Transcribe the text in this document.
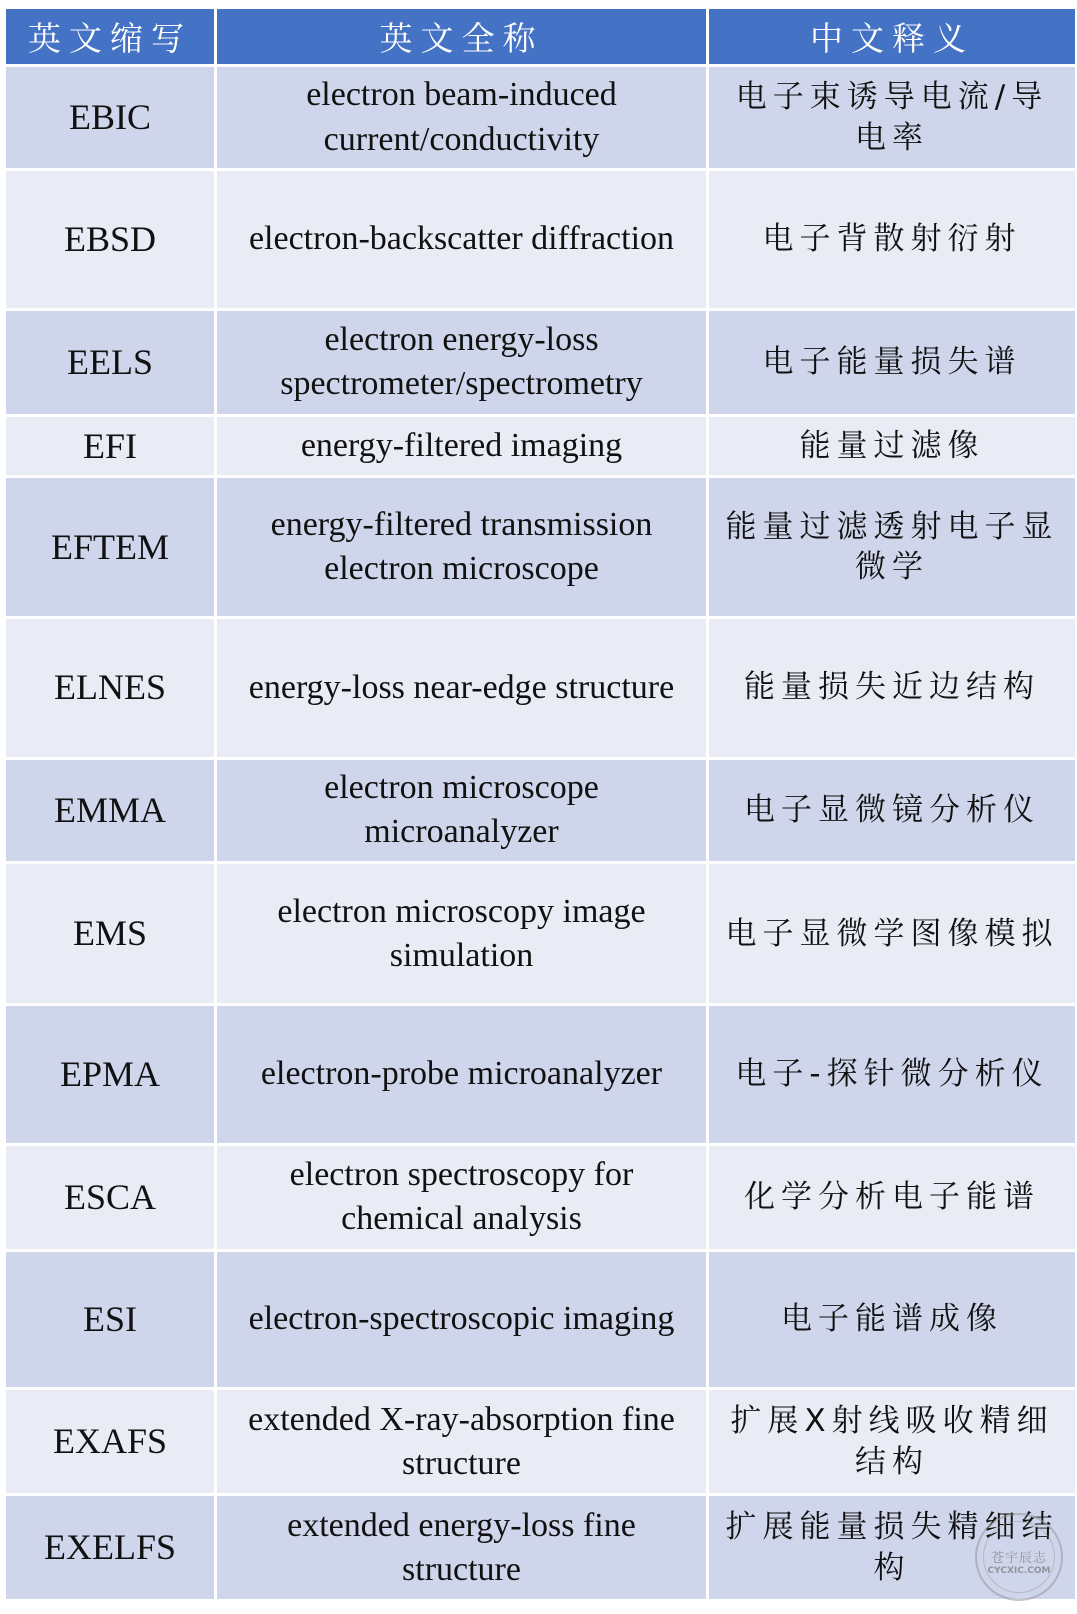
英文缩写	英文全称	中文释义
EBIC	electron beam-induced current/conductivity	电子束诱导电流/导电率
EBSD	electron-backscatter diffraction	电子背散射衍射
EELS	electron energy-loss spectrometer/spectrometry	电子能量损失谱
EFI	energy-filtered imaging	能量过滤像
EFTEM	energy-filtered transmission electron microscope	能量过滤透射电子显微学
ELNES	energy-loss near-edge structure	能量损失近边结构
EMMA	electron microscope microanalyzer	电子显微镜分析仪
EMS	electron microscopy image simulation	电子显微学图像模拟
EPMA	electron-probe microanalyzer	电子-探针微分析仪
ESCA	electron spectroscopy for chemical analysis	化学分析电子能谱
ESI	electron-spectroscopic imaging	电子能谱成像
EXAFS	extended X-ray-absorption fine structure	扩展X射线吸收精细结构
EXELFS	extended energy-loss fine structure	扩展能量损失精细结构	苍宇辰志
CYCXIC.COM
